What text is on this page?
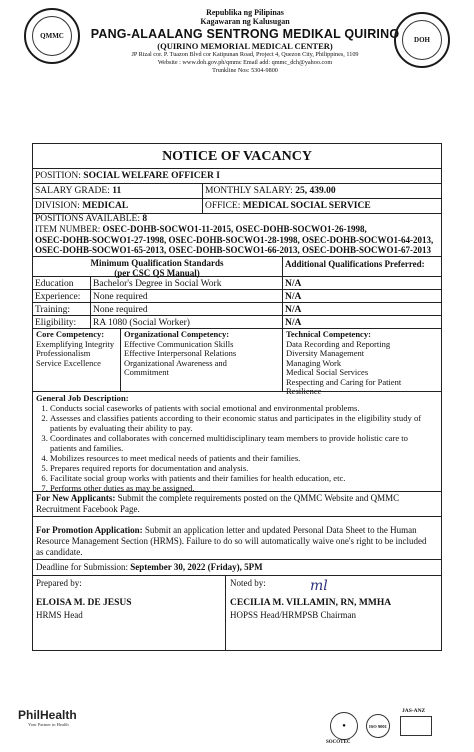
QMMC
Republika ng Pilipinas
Kagawaran ng Kalusugan
PANG-ALAALANG SENTRONG MEDIKAL QUIRINO
(QUIRINO MEMORIAL MEDICAL CENTER)
JP Rizal cor. P. Tuazon Blvd cor Katipunan Road, Project 4, Quezon City, Philippines, 1109
Website : www.doh.gov.ph/qmmc Email add: qmmc_dch@yahoo.com
Trunkline Nos: 5304-9800
DOH
NOTICE OF VACANCY
POSITION: SOCIAL WELFARE OFFICER I
SALARY GRADE: 11	MONTHLY SALARY: 25, 439.00
DIVISION: MEDICAL	OFFICE: MEDICAL SOCIAL SERVICE
POSITIONS AVAILABLE: 8
ITEM NUMBER: OSEC-DOHB-SOCWO1-11-2015, OSEC-DOHB-SOCWO1-26-1998,
OSEC-DOHB-SOCWO1-27-1998, OSEC-DOHB-SOCWO1-28-1998, OSEC-DOHB-SOCWO1-64-2013,
OSEC-DOHB-SOCWO1-65-2013, OSEC-DOHB-SOCWO1-66-2013, OSEC-DOHB-SOCWO1-67-2013
Minimum Qualification Standards
(per CSC QS Manual)
Additional Qualifications Preferred:
Education	Bachelor's Degree in Social Work	N/A
Experience:	None required	N/A
Training:	None required	N/A
Eligibility:	RA 1080 (Social Worker)	N/A
Core Competency:
Exemplifying Integrity
Professionalism
Service Excellence
Organizational Competency:
Effective Communication Skills
Effective Interpersonal Relations
Organizational Awareness and
Commitment
Technical Competency:
Data Recording and Reporting
Diversity Management
Managing Work
Medical Social Services
Respecting and Caring for Patient
Resilience
General Job Description:
1. Conducts social caseworks of patients with social emotional and environmental problems.
2. Assesses and classifies patients according to their economic status and participates in the eligibility study of patients by evaluating their ability to pay.
3. Coordinates and collaborates with concerned multidisciplinary team members to provide holistic care to patients and families.
4. Mobilizes resources to meet medical needs of patients and their families.
5. Prepares required reports for documentation and analysis.
6. Facilitate social group works with patients and their families for health education, etc.
7. Performs other duties as may be assigned.
For New Applicants: Submit the complete requirements posted on the QMMC Website and QMMC Recruitment Facebook Page.
For Promotion Application: Submit an application letter and updated Personal Data Sheet to the Human Resource Management Section (HRMS). Failure to do so will automatically waive one's right to be included as candidate.
Deadline for Submission: September 30, 2022 (Friday), 5PM
Prepared by:
ELOISA M. DE JESUS
HRMS Head
Noted by:	ml
CECILIA M. VILLAMIN, RN, MMHA
HOPSS Head/HRMPSB Chairman
PhilHealth
Your Partner in Health	●
SOCOTEC
ISO 9001
JAS-ANZ
